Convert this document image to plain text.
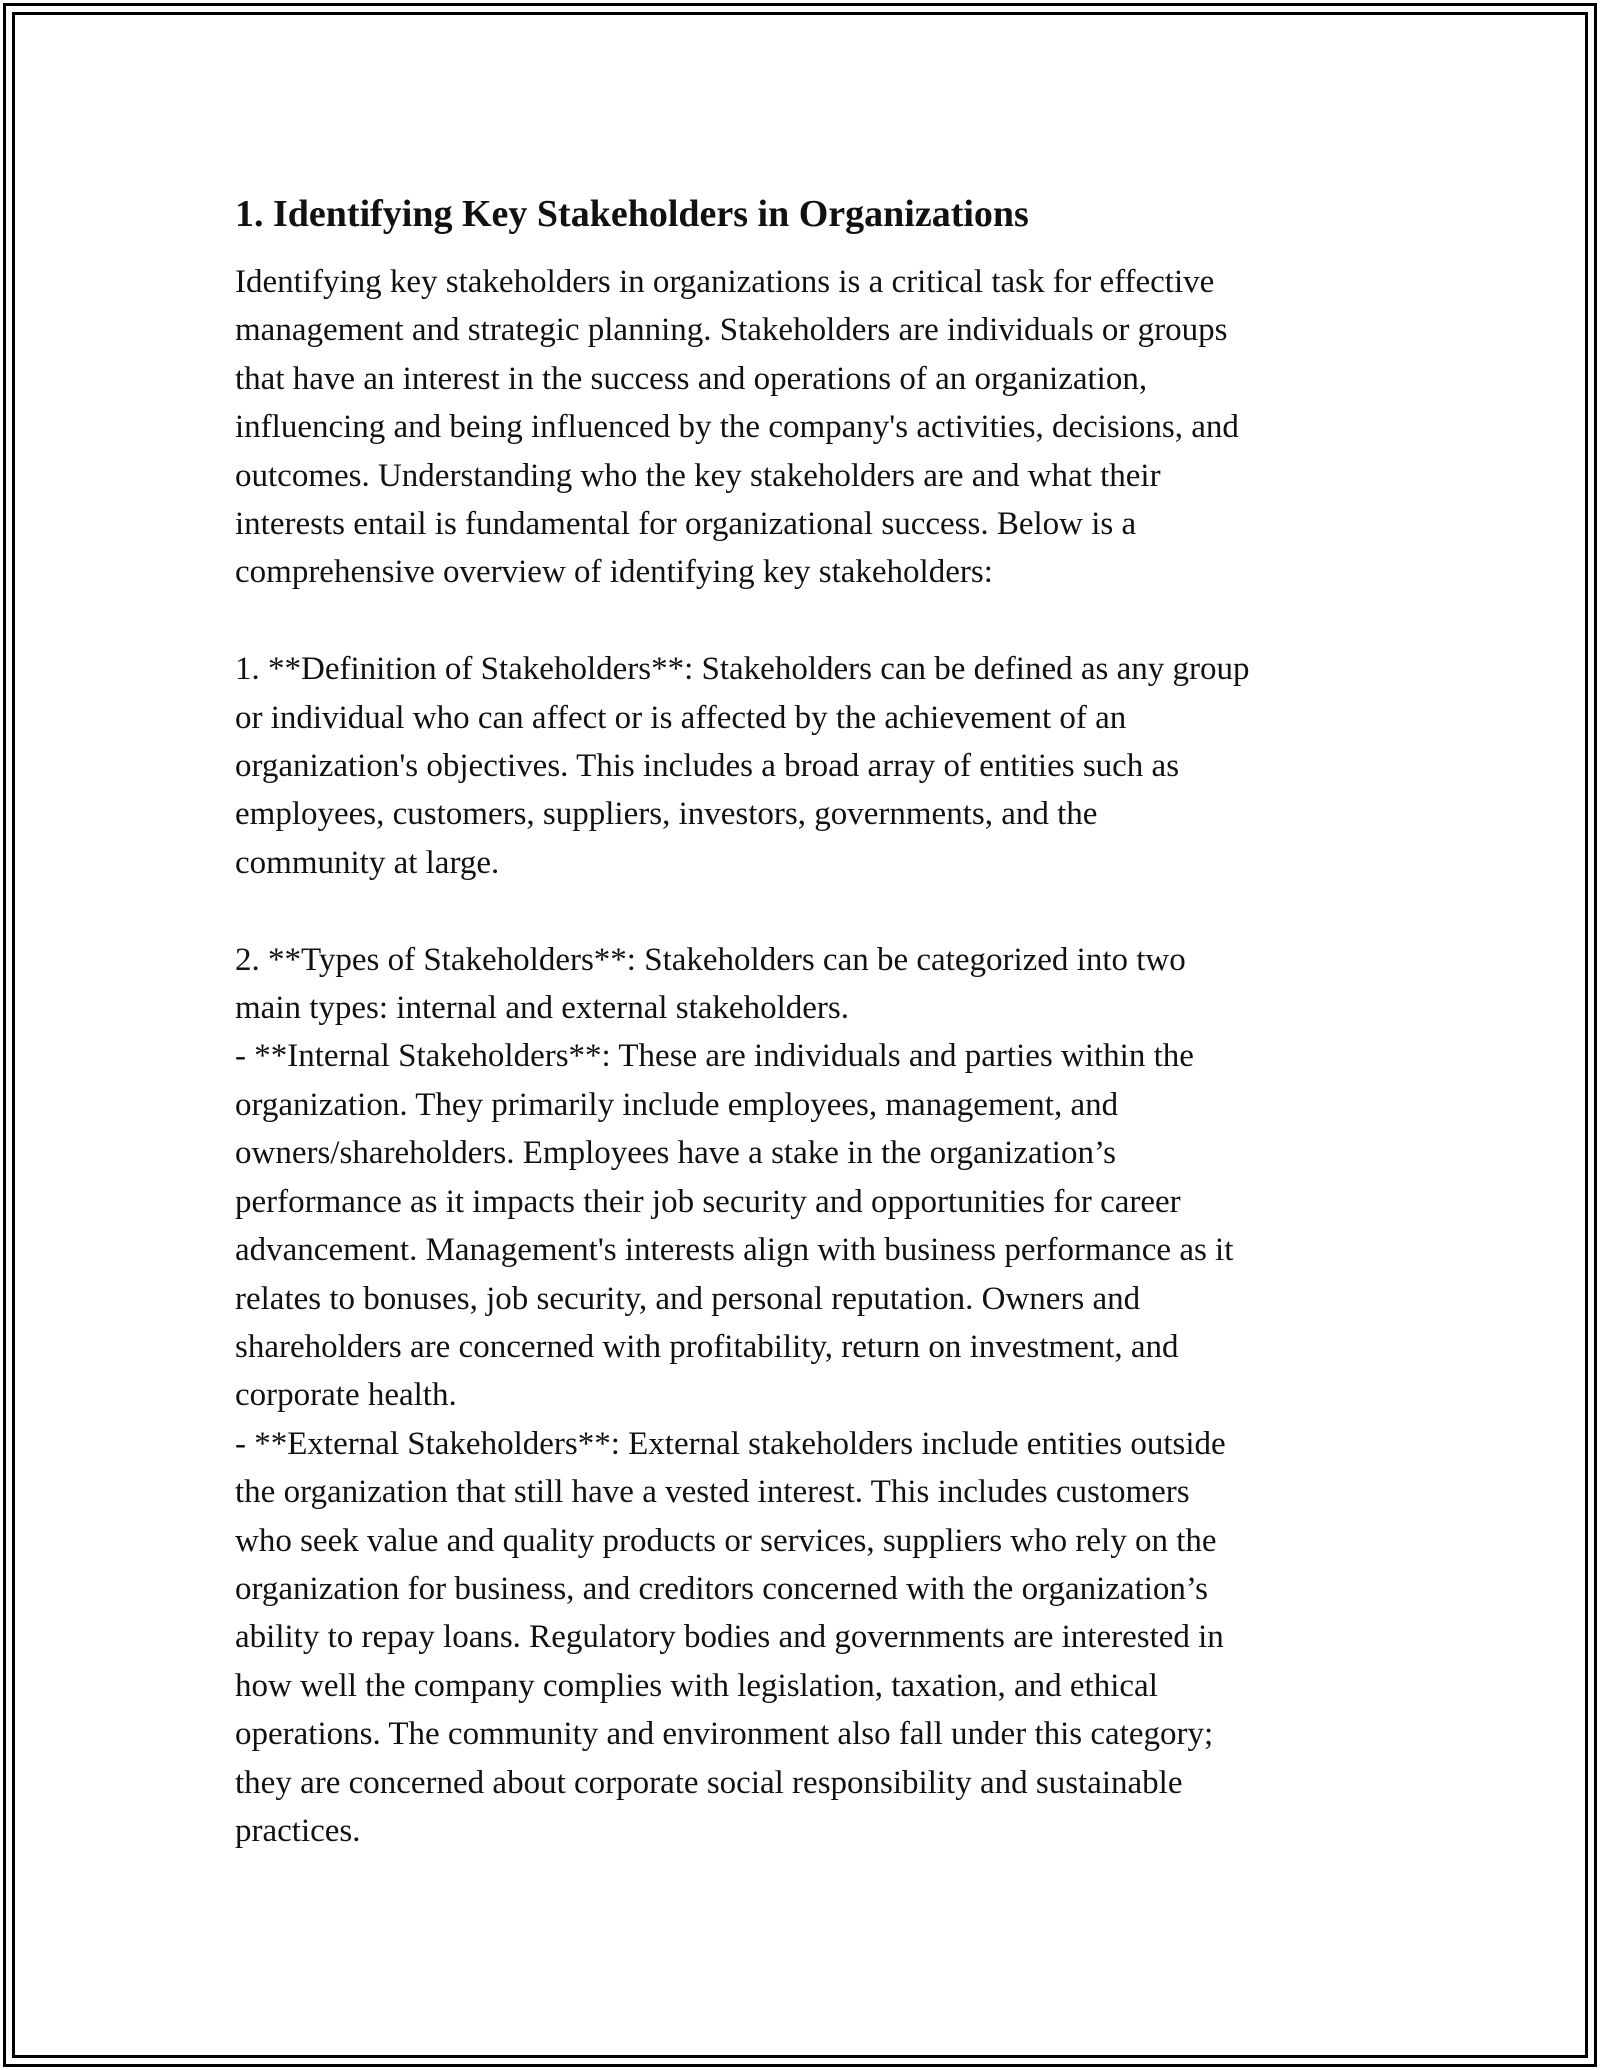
1. Identifying Key Stakeholders in Organizations

Identifying key stakeholders in organizations is a critical task for effective
management and strategic planning. Stakeholders are individuals or groups
that have an interest in the success and operations of an organization,
influencing and being influenced by the company's activities, decisions, and
outcomes. Understanding who the key stakeholders are and what their
interests entail is fundamental for organizational success. Below is a
comprehensive overview of identifying key stakeholders:

1. **Definition of Stakeholders**: Stakeholders can be defined as any group
or individual who can affect or is affected by the achievement of an
organization's objectives. This includes a broad array of entities such as
employees, customers, suppliers, investors, governments, and the
community at large.

2. **Types of Stakeholders**: Stakeholders can be categorized into two
main types: internal and external stakeholders.
- **Internal Stakeholders**: These are individuals and parties within the
organization. They primarily include employees, management, and
owners/shareholders. Employees have a stake in the organization’s
performance as it impacts their job security and opportunities for career
advancement. Management's interests align with business performance as it
relates to bonuses, job security, and personal reputation. Owners and
shareholders are concerned with profitability, return on investment, and
corporate health.
- **External Stakeholders**: External stakeholders include entities outside
the organization that still have a vested interest. This includes customers
who seek value and quality products or services, suppliers who rely on the
organization for business, and creditors concerned with the organization’s
ability to repay loans. Regulatory bodies and governments are interested in
how well the company complies with legislation, taxation, and ethical
operations. The community and environment also fall under this category;
they are concerned about corporate social responsibility and sustainable
practices.
